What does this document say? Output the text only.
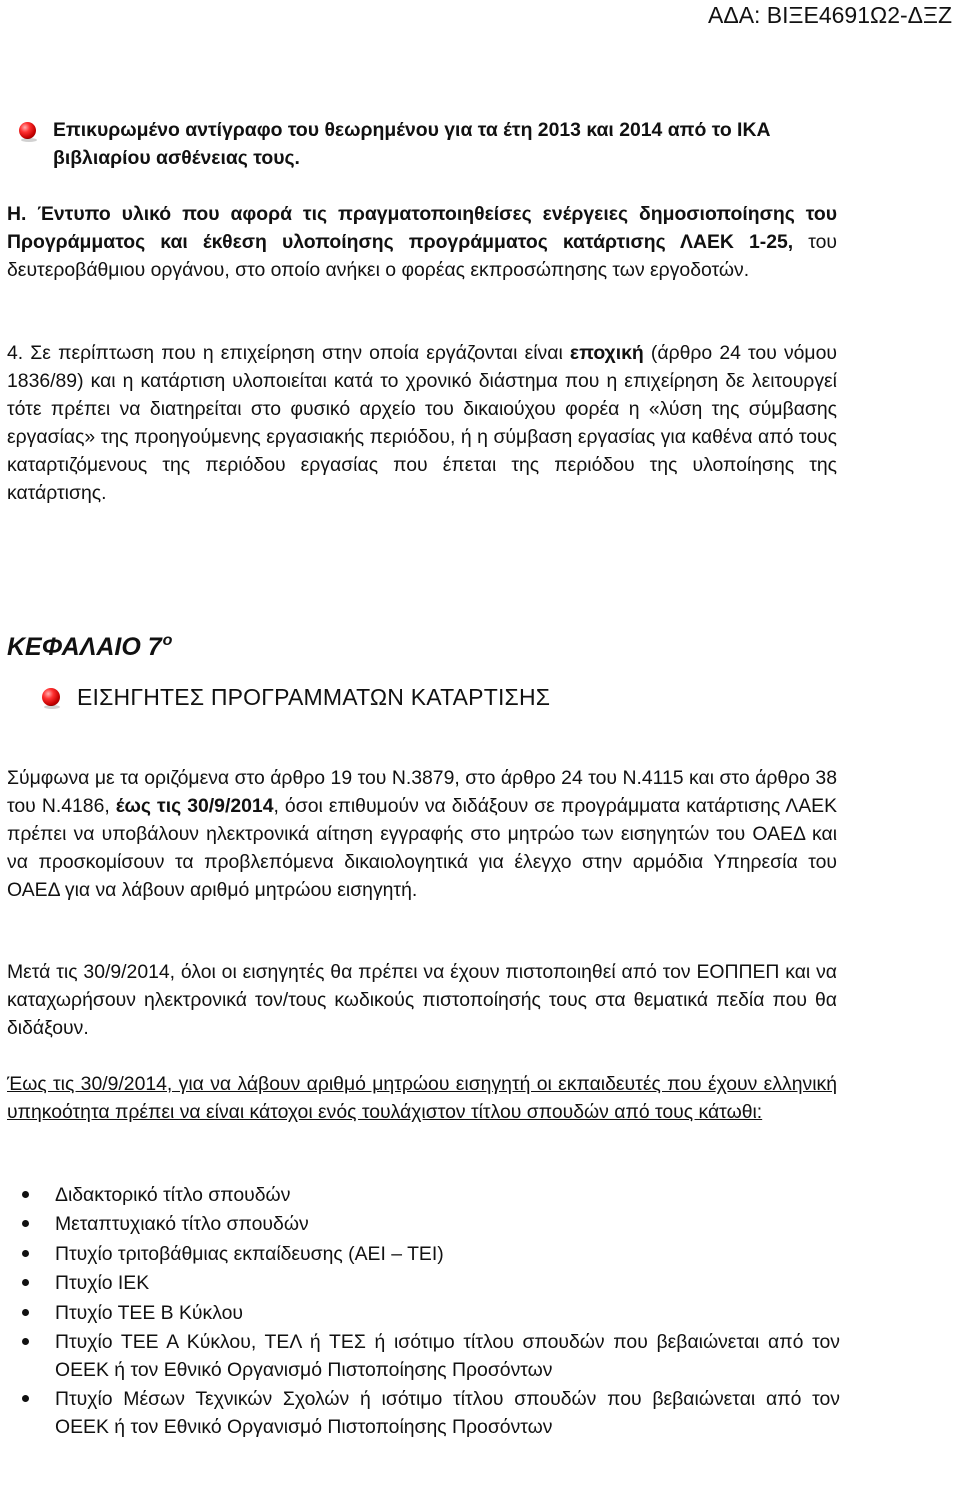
ΑΔΑ: ΒΙΞΕ4691Ω2-ΔΞΖ
Επικυρωμένο αντίγραφο του θεωρημένου για τα έτη 2013 και 2014 από το ΙΚΑ βιβλιαρίου ασθένειας τους.
Η. Έντυπο υλικό που αφορά τις πραγματοποιηθείσες ενέργειες δημοσιοποίησης του Προγράμματος και έκθεση υλοποίησης προγράμματος κατάρτισης ΛΑΕΚ 1-25, του δευτεροβάθμιου οργάνου, στο οποίο ανήκει ο φορέας εκπροσώπησης των εργοδοτών.
4. Σε περίπτωση που η επιχείρηση στην οποία εργάζονται είναι εποχική (άρθρο 24 του νόμου 1836/89) και η κατάρτιση υλοποιείται κατά το χρονικό διάστημα που η επιχείρηση δε λειτουργεί τότε πρέπει να διατηρείται στο φυσικό αρχείο του δικαιούχου φορέα η «λύση της σύμβασης εργασίας» της προηγούμενης εργασιακής περιόδου, ή η σύμβαση εργασίας για καθένα από τους καταρτιζόμενους της περιόδου εργασίας που έπεται της περιόδου της υλοποίησης της κατάρτισης.
ΚΕΦΑΛΑΙΟ $7^o$
ΕΙΣΗΓΗΤΕΣ ΠΡΟΓΡΑΜΜΑΤΩΝ ΚΑΤΑΡΤΙΣΗΣ
Σύμφωνα με τα οριζόμενα στο άρθρο 19 του Ν.3879, στο άρθρο 24 του Ν.4115 και στο άρθρο 38 του Ν.4186, έως τις 30/9/2014, όσοι επιθυμούν να διδάξουν σε προγράμματα κατάρτισης ΛΑΕΚ πρέπει να υποβάλουν ηλεκτρονικά αίτηση εγγραφής στο μητρώο των εισηγητών του ΟΑΕΔ και να προσκομίσουν τα προβλεπόμενα δικαιολογητικά για έλεγχο στην αρμόδια Υπηρεσία του ΟΑΕΔ για να λάβουν αριθμό μητρώου εισηγητή.
Μετά τις 30/9/2014, όλοι οι εισηγητές θα πρέπει να έχουν πιστοποιηθεί από τον ΕΟΠΠΕΠ και να καταχωρήσουν ηλεκτρονικά τον/τους κωδικούς πιστοποίησής τους στα θεματικά πεδία που θα διδάξουν.
Έως τις 30/9/2014, για να λάβουν αριθμό μητρώου εισηγητή οι εκπαιδευτές που έχουν ελληνική υπηκοότητα πρέπει να είναι κάτοχοι ενός τουλάχιστον τίτλου σπουδών από τους κάτωθι:
Διδακτορικό τίτλο σπουδών
Μεταπτυχιακό τίτλο σπουδών
Πτυχίο τριτοβάθμιας εκπαίδευσης (ΑΕΙ – ΤΕΙ)
Πτυχίο ΙΕΚ
Πτυχίο ΤΕΕ Β Κύκλου
Πτυχίο ΤΕΕ Α Κύκλου, ΤΕΛ ή ΤΕΣ ή ισότιμο τίτλου σπουδών που βεβαιώνεται από τον ΟΕΕΚ ή τον Εθνικό Οργανισμό Πιστοποίησης Προσόντων
Πτυχίο Μέσων Τεχνικών Σχολών ή ισότιμο τίτλου σπουδών που βεβαιώνεται από τον ΟΕΕΚ ή τον Εθνικό Οργανισμό Πιστοποίησης Προσόντων
